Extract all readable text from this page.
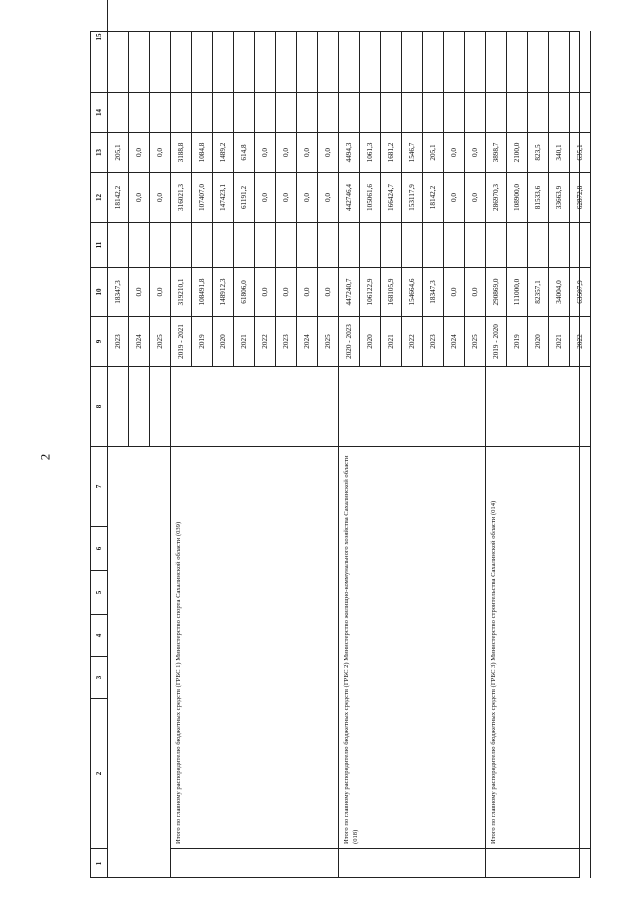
2
1
2
3
4
5
6
7
8
9
10
11
12
13
14
15
2023
18347,3
18142,2
205,1
2024
0,0
0,0
0,0
2025
0,0
0,0
0,0
2019 - 2021
319210,1
316021,3
3188,8
2019
108491,8
107407,0
1084,8
2020
148912,3
147423,1
1489,2
2021
61806,0
61191,2
614,8
2022
0,0
0,0
0,0
2023
0,0
0,0
0,0
2024
0,0
0,0
0,0
2025
0,0
0,0
0,0
Итого по главному распорядителю бюджетных средств (ГРБС 1) Министерство спорта Сахалинской области (039)
2020 - 2023
447240,7
442746,4
4494,3
2020
106122,9
105061,6
1061,3
2021
168105,9
166424,7
1681,2
2022
154664,6
153117,9
1546,7
2023
18347,3
18142,2
205,1
2024
0,0
0,0
0,0
2025
0,0
0,0
0,0
Итого по главному распорядителю бюджетных средств (ГРБС 2) Министерство жилищно-коммунального хозяйства Сахалинской области (018)
2019 - 2020
290869,0
286970,3
3898,7
2019
111000,0
108900,0
2100,0
2020
82357,1
81533,6
823,5
2021
34004,0
33663,9
340,1
2022
63507,9
62872,8
635,1
Итого по главному распорядителю бюджетных средств (ГРБС 3) Министерство строительства Сахалинской области (014)
